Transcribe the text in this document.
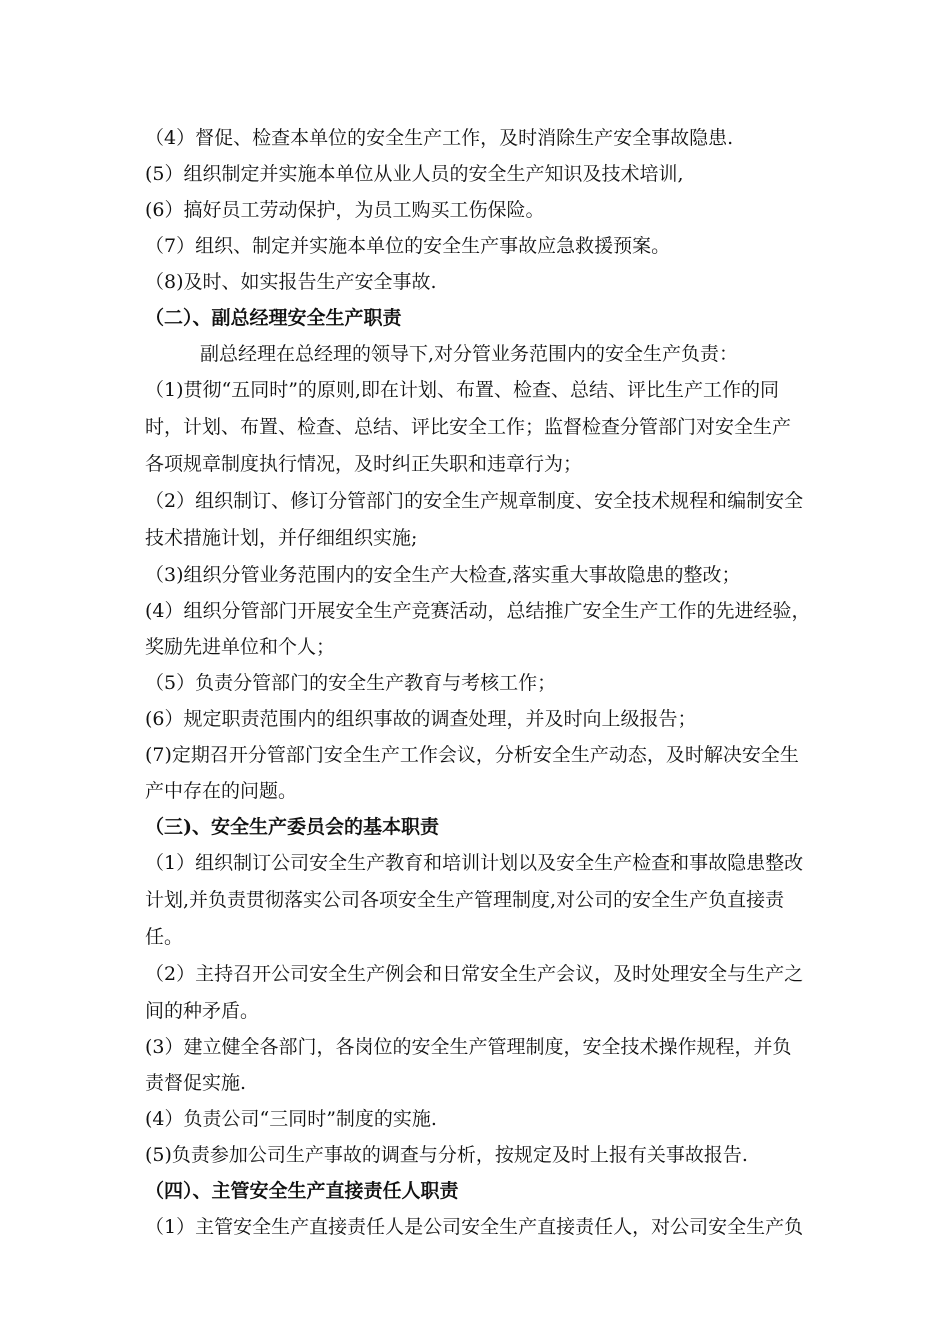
（4）督促、检查本单位的安全生产工作，及时消除生产安全事故隐患.
(5）组织制定并实施本单位从业人员的安全生产知识及技术培训,
(6）搞好员工劳动保护，为员工购买工伤保险。
（7）组织、制定并实施本单位的安全生产事故应急救援预案。
（8)及时、如实报告生产安全事故.
（二）、副总经理安全生产职责
副总经理在总经理的领导下,对分管业务范围内的安全生产负责：
（1)贯彻“五同时”的原则,即在计划、布置、检查、总结、评比生产工作的同
时，计划、布置、检查、总结、评比安全工作；监督检查分管部门对安全生产
各项规章制度执行情况，及时纠正失职和违章行为；
（2）组织制订、修订分管部门的安全生产规章制度、安全技术规程和编制安全
技术措施计划，并仔细组织实施;
（3)组织分管业务范围内的安全生产大检查,落实重大事故隐患的整改；
(4）组织分管部门开展安全生产竞赛活动，总结推广安全生产工作的先进经验，
奖励先进单位和个人；
（5）负责分管部门的安全生产教育与考核工作；
(6）规定职责范围内的组织事故的调查处理，并及时向上级报告；
(7)定期召开分管部门安全生产工作会议，分析安全生产动态，及时解决安全生
产中存在的问题。
（三)、安全生产委员会的基本职责
（1）组织制订公司安全生产教育和培训计划以及安全生产检查和事故隐患整改
计划,并负责贯彻落实公司各项安全生产管理制度,对公司的安全生产负直接责
任。
（2）主持召开公司安全生产例会和日常安全生产会议，及时处理安全与生产之
间的种矛盾。
(3）建立健全各部门，各岗位的安全生产管理制度，安全技术操作规程，并负
责督促实施.
(4）负责公司“三同时”制度的实施.
(5)负责参加公司生产事故的调查与分析，按规定及时上报有关事故报告.
（四）、主管安全生产直接责任人职责
（1）主管安全生产直接责任人是公司安全生产直接责任人，对公司安全生产负
